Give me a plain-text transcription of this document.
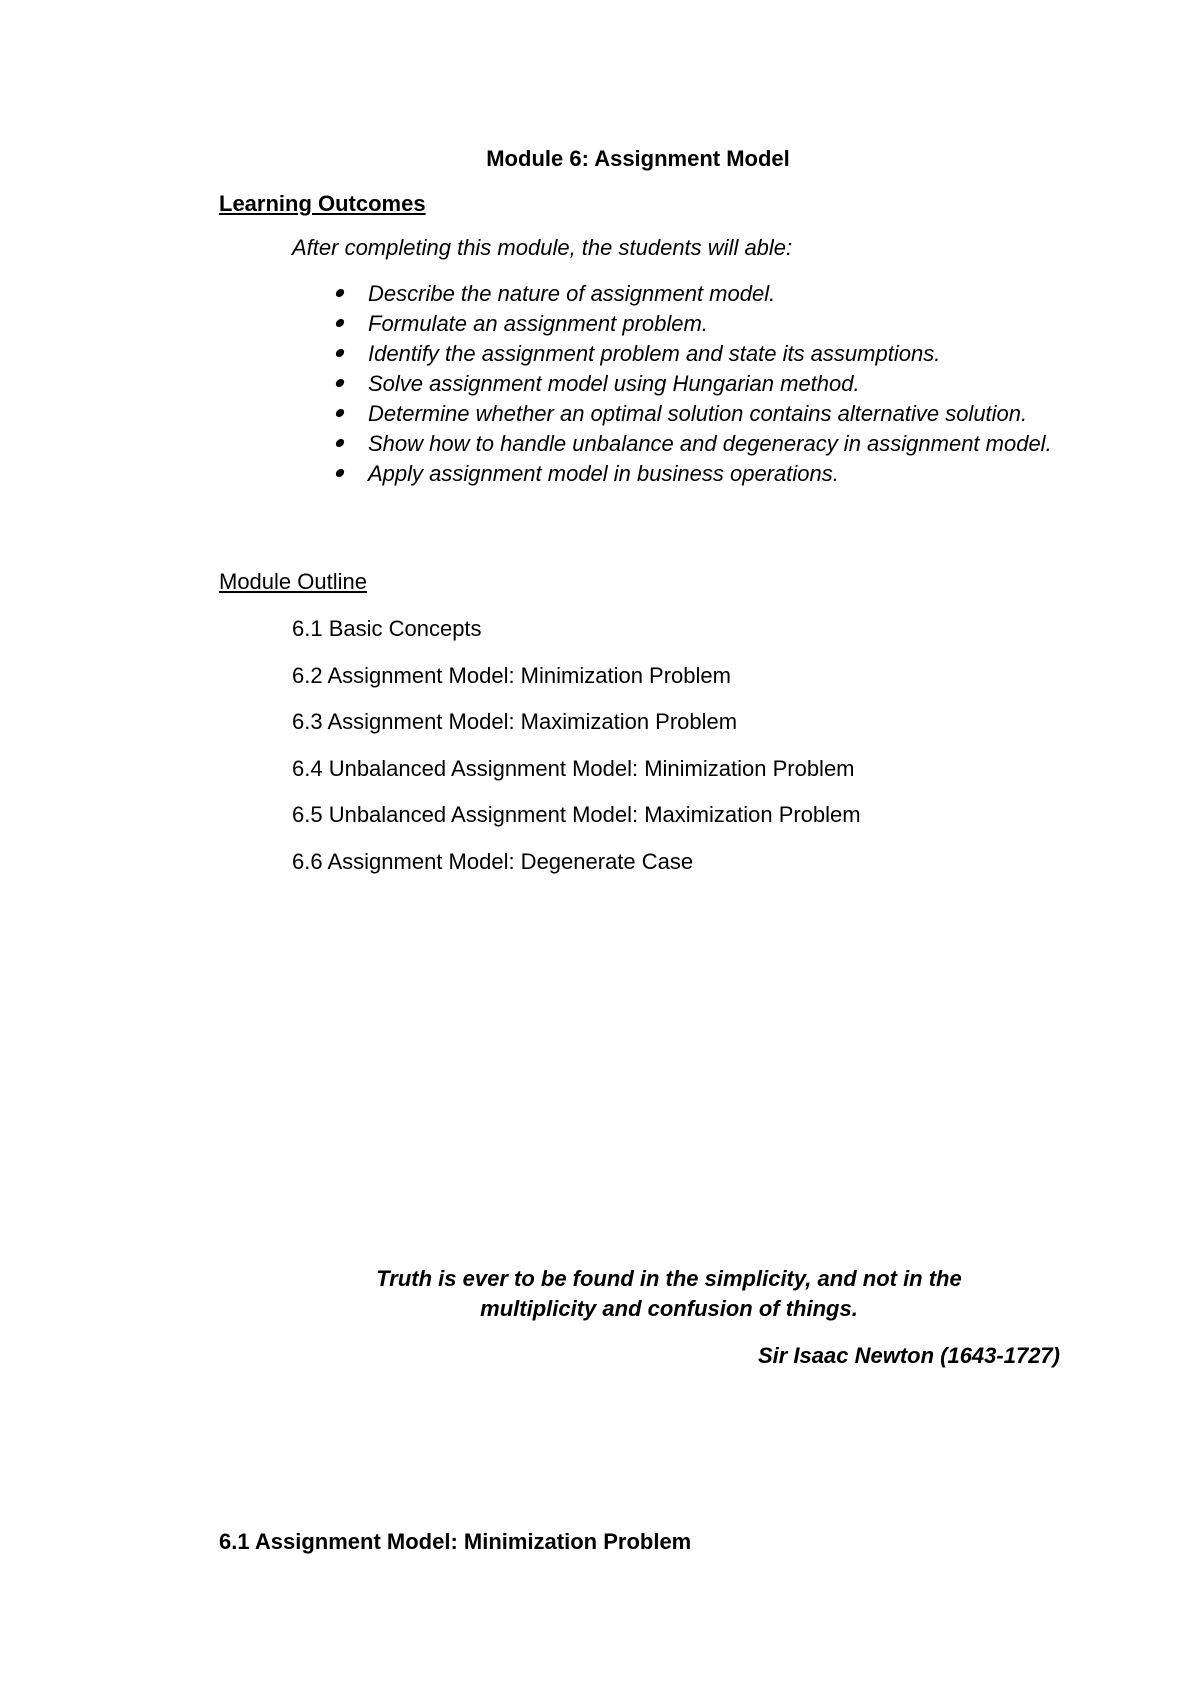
Module 6: Assignment Model
Learning Outcomes
After completing this module, the students will able:
Describe the nature of assignment model.
Formulate an assignment problem.
Identify the assignment problem and state its assumptions.
Solve assignment model using Hungarian method.
Determine whether an optimal solution contains alternative solution.
Show how to handle unbalance and degeneracy in assignment model.
Apply assignment model in business operations.
Module Outline
6.1 Basic Concepts
6.2 Assignment Model: Minimization Problem
6.3 Assignment Model: Maximization Problem
6.4 Unbalanced Assignment Model: Minimization Problem
6.5 Unbalanced Assignment Model: Maximization Problem
6.6 Assignment Model: Degenerate Case
Truth is ever to be found in the simplicity, and not in the
multiplicity and confusion of things.
Sir Isaac Newton (1643-1727)
6.1 Assignment Model: Minimization Problem
